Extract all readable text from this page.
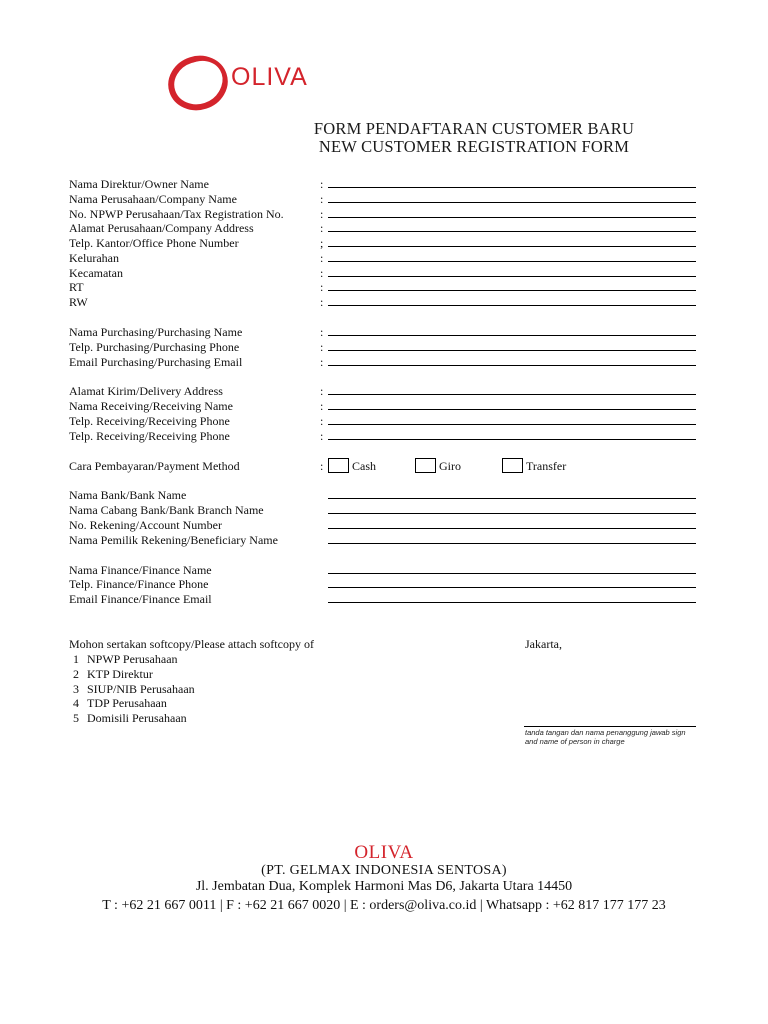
OLIVA
FORM PENDAFTARAN CUSTOMER BARU
NEW CUSTOMER REGISTRATION FORM
Nama Direktur/Owner Name	:
Nama Perusahaan/Company Name	:
No. NPWP Perusahaan/Tax Registration No.	:
Alamat Perusahaan/Company Address	:
Telp. Kantor/Office Phone Number	;
Kelurahan	:
Kecamatan	:
RT	:
RW	:
Nama Purchasing/Purchasing Name	:
Telp. Purchasing/Purchasing Phone	:
Email Purchasing/Purchasing Email	:
Alamat Kirim/Delivery Address	:
Nama Receiving/Receiving Name	:
Telp. Receiving/Receiving Phone	:
Telp. Receiving/Receiving Phone	:
Cara Pembayaran/Payment Method	: Cash	Giro	Transfer
Nama Bank/Bank Name
Nama Cabang Bank/Bank Branch Name
No. Rekening/Account Number
Nama Pemilik Rekening/Beneficiary Name
Nama Finance/Finance Name
Telp. Finance/Finance Phone
Email Finance/Finance Email
Mohon sertakan softcopy/Please attach softcopy of
1 NPWP Perusahaan
2 KTP Direktur
3 SIUP/NIB Perusahaan
4 TDP Perusahaan
5 Domisili Perusahaan
Jakarta,
tanda tangan dan nama penanggung jawab sign
and name of person in charge
OLIVA
(PT. GELMAX INDONESIA SENTOSA)
Jl. Jembatan Dua, Komplek Harmoni Mas D6, Jakarta Utara 14450
T : +62 21 667 0011 | F : +62 21 667 0020 | E : orders@oliva.co.id | Whatsapp : +62 817 177 177 23
